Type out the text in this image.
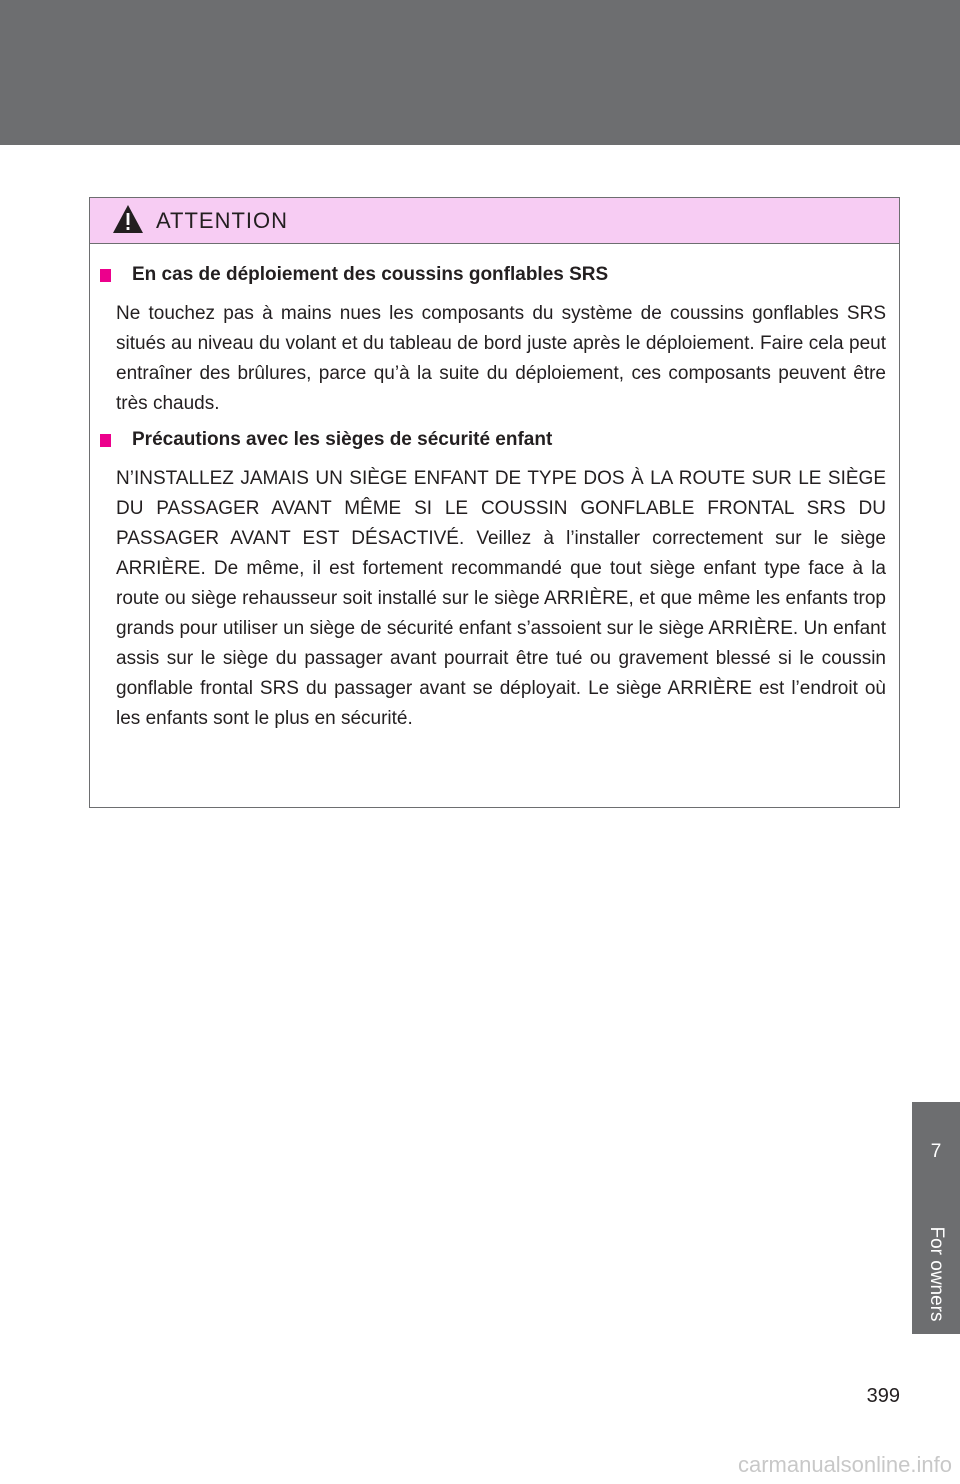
ATTENTION
En cas de déploiement des coussins gonflables SRS

Ne touchez pas à mains nues les composants du système de coussins gonflables SRS situés au niveau du volant et du tableau de bord juste après le déploiement. Faire cela peut entraîner des brûlures, parce qu’à la suite du déploiement, ces composants peuvent être très chauds.

Précautions avec les sièges de sécurité enfant

N’INSTALLEZ JAMAIS UN SIÈGE ENFANT DE TYPE DOS À LA ROUTE SUR LE SIÈGE DU PASSAGER AVANT MÊME SI LE COUSSIN GONFLABLE FRONTAL SRS DU PASSAGER AVANT EST DÉSACTIVÉ. Veillez à l’installer correctement sur le siège ARRIÈRE. De même, il est fortement recommandé que tout siège enfant type face à la route ou siège rehausseur soit installé sur le siège ARRIÈRE, et que même les enfants trop grands pour utiliser un siège de sécurité enfant s’assoient sur le siège ARRIÈRE. Un enfant assis sur le siège du passager avant pourrait être tué ou gravement blessé si le coussin gonflable frontal SRS du passager avant se déployait. Le siège ARRIÈRE est l’endroit où les enfants sont le plus en sécurité.

7
For owners
399
carmanualsonline.info
